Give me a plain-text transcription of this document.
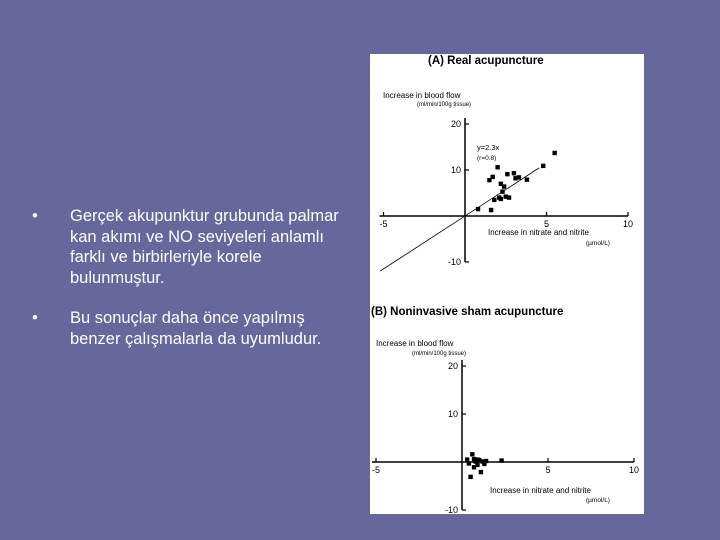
• Gerçek akupunktur grubunda palmar kan akımı ve NO seviyeleri anlamlı farklı ve birbirleriyle korele bulunmuştur.
• Bu sonuçlar daha önce yapılmış benzer çalışmalarla da uyumludur.
(A) Real acupuncture
Increase in blood flow
(ml/min/100g tissue)
y=2.3x
(r=0.8)
Increase in nitrate and nitrite
(µmol/L)
-5	5	10
20
10
-10
(B) Noninvasive sham acupuncture
Increase in blood flow
(ml/min/100g tissue)
Increase in nitrate and nitrite
(µmol/L)
-5	5	10
20
10
-10
